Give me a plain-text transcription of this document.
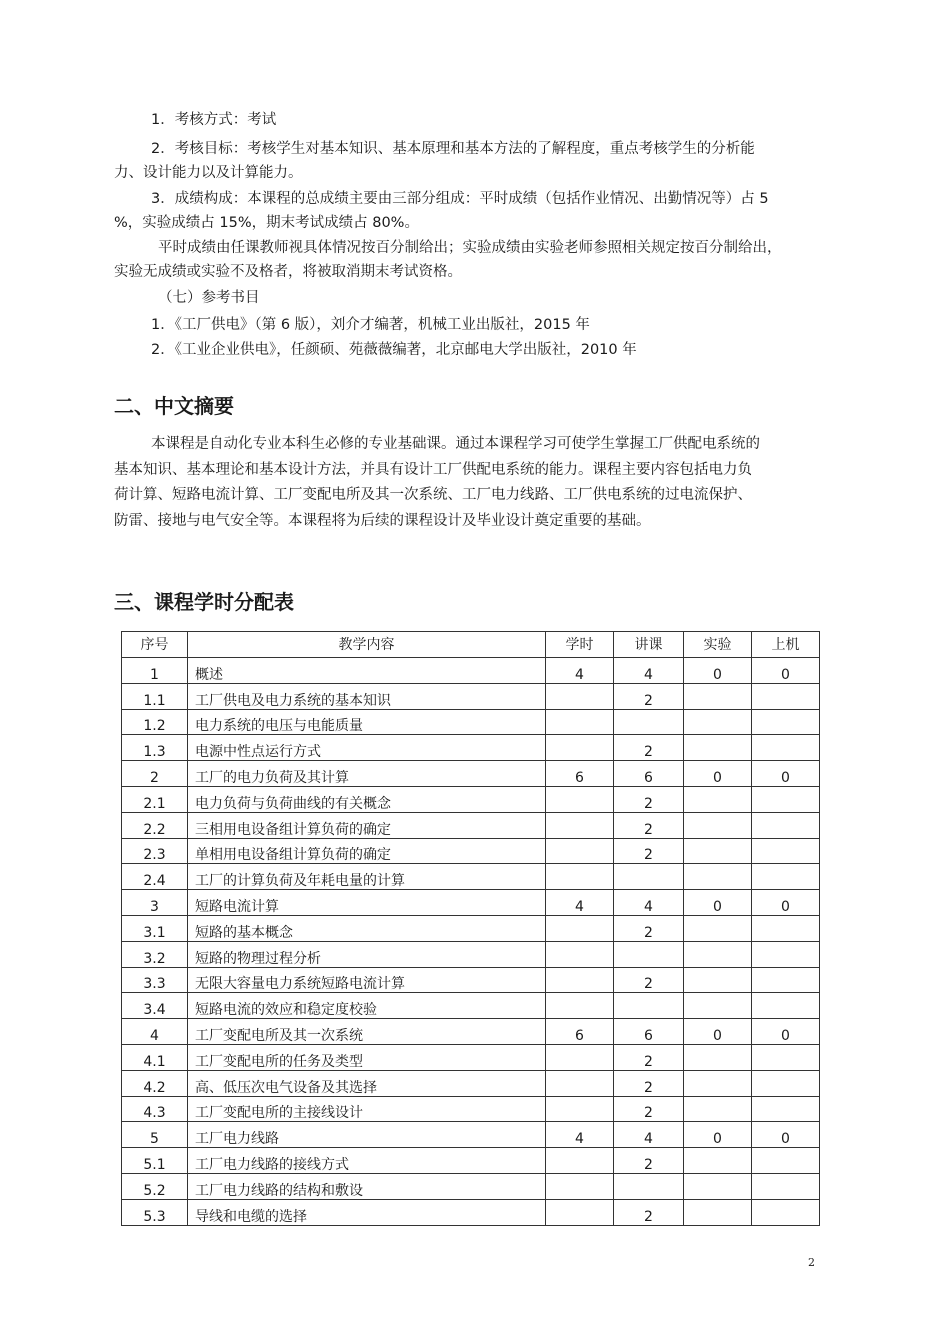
1．考核方式：考试
2．考核目标：考核学生对基本知识、基本原理和基本方法的了解程度，重点考核学生的分析能
力、设计能力以及计算能力。
3．成绩构成：本课程的总成绩主要由三部分组成：平时成绩（包括作业情况、出勤情况等）占 5
%，实验成绩占 15%，期末考试成绩占 80%。
平时成绩由任课教师视具体情况按百分制给出；实验成绩由实验老师参照相关规定按百分制给出，
实验无成绩或实验不及格者，将被取消期末考试资格。
（七）参考书目
1．《工厂供电》（第 6 版），刘介才编著，机械工业出版社，2015 年
2．《工业企业供电》，任颜硕、苑薇薇编著，北京邮电大学出版社，2010 年
二、中文摘要
本课程是自动化专业本科生必修的专业基础课。通过本课程学习可使学生掌握工厂供配电系统的
基本知识、基本理论和基本设计方法，并具有设计工厂供配电系统的能力。课程主要内容包括电力负
荷计算、短路电流计算、工厂变配电所及其一次系统、工厂电力线路、工厂供电系统的过电流保护、
防雷、接地与电气安全等。本课程将为后续的课程设计及毕业设计奠定重要的基础。
三、课程学时分配表
序号	教学内容	学时	讲课	实验	上机
1	概述	4	4	0	0
1.1	工厂供电及电力系统的基本知识		2		
1.2	电力系统的电压与电能质量				
1.3	电源中性点运行方式		2		
2	工厂的电力负荷及其计算	6	6	0	0
2.1	电力负荷与负荷曲线的有关概念		2		
2.2	三相用电设备组计算负荷的确定		2		
2.3	单相用电设备组计算负荷的确定		2		
2.4	工厂的计算负荷及年耗电量的计算				
3	短路电流计算	4	4	0	0
3.1	短路的基本概念		2		
3.2	短路的物理过程分析				
3.3	无限大容量电力系统短路电流计算		2		
3.4	短路电流的效应和稳定度校验				
4	工厂变配电所及其一次系统	6	6	0	0
4.1	工厂变配电所的任务及类型		2		
4.2	高、低压次电气设备及其选择		2		
4.3	工厂变配电所的主接线设计		2		
5	工厂电力线路	4	4	0	0
5.1	工厂电力线路的接线方式		2		
5.2	工厂电力线路的结构和敷设				
5.3	导线和电缆的选择		2		
2
